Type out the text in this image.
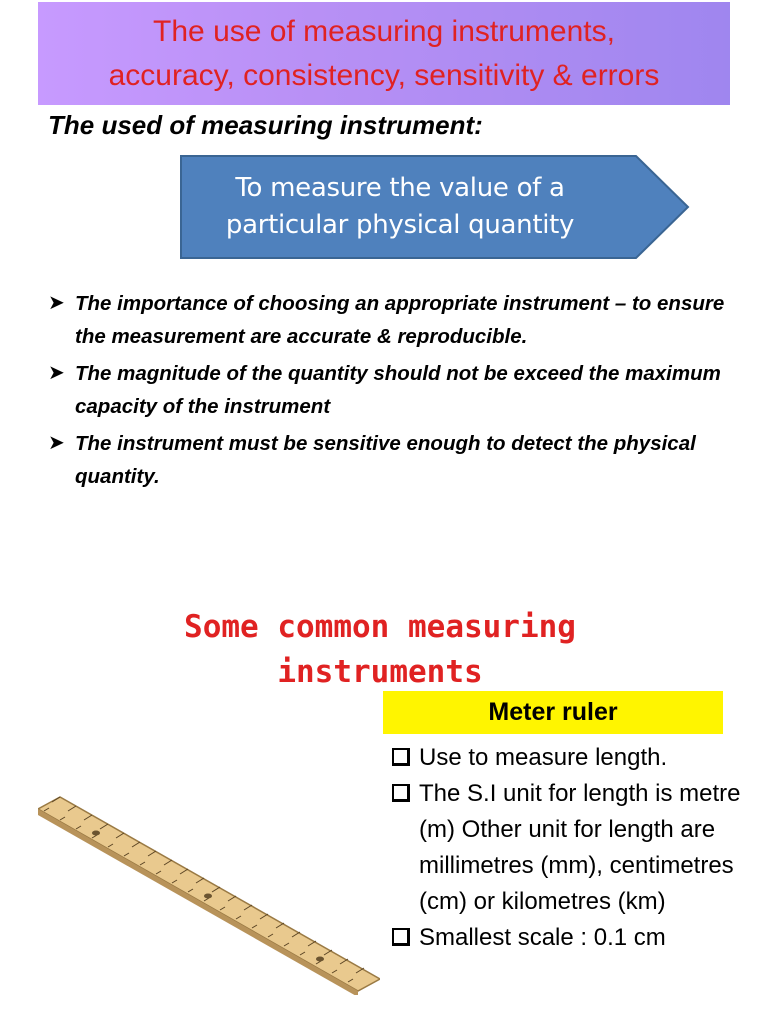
The use of measuring instruments,
accuracy, consistency, sensitivity & errors
The used of measuring instrument:
To measure the value of a
particular physical quantity
➤ The importance of choosing an appropriate instrument – to ensure the measurement are accurate & reproducible.
➤ The magnitude of the quantity should not be exceed the maximum capacity of the instrument
➤ The instrument must be sensitive enough to detect the physical quantity.
Some common measuring
instruments
Meter ruler
Use to measure length.
The S.I unit for length is metre (m) Other unit for length are millimetres (mm), centimetres (cm) or kilometres (km)
Smallest scale : 0.1 cm
